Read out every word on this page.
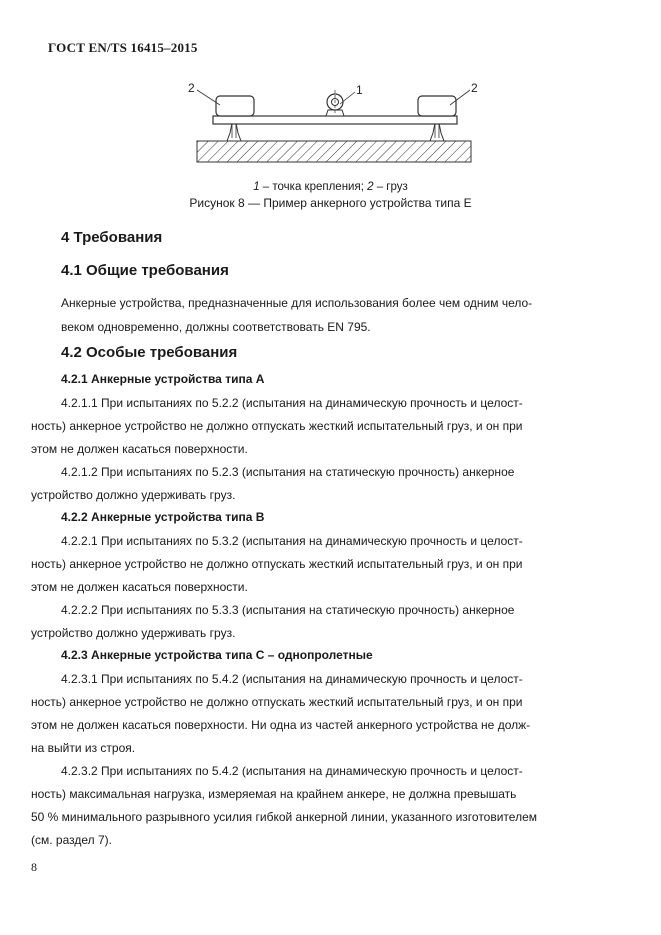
ГОСТ EN/TS 16415–2015
2	1	2
1 – точка крепления; 2 – груз
Рисунок 8 — Пример анкерного устройства типа Е
4 Требования
4.1 Общие требования
Анкерные устройства, предназначенные для использования более чем одним чело-
веком одновременно, должны соответствовать EN 795.
4.2 Особые требования
4.2.1 Анкерные устройства типа А
4.2.1.1 При испытаниях по 5.2.2 (испытания на динамическую прочность и целост-
ность) анкерное устройство не должно отпускать жесткий испытательный груз, и он при
этом не должен касаться поверхности.
4.2.1.2 При испытаниях по 5.2.3 (испытания на статическую прочность) анкерное
устройство должно удерживать груз.
4.2.2 Анкерные устройства типа В
4.2.2.1 При испытаниях по 5.3.2 (испытания на динамическую прочность и целост-
ность) анкерное устройство не должно отпускать жесткий испытательный груз, и он при
этом не должен касаться поверхности.
4.2.2.2 При испытаниях по 5.3.3 (испытания на статическую прочность) анкерное
устройство должно удерживать груз.
4.2.3 Анкерные устройства типа С – однопролетные
4.2.3.1 При испытаниях по 5.4.2 (испытания на динамическую прочность и целост-
ность) анкерное устройство не должно отпускать жесткий испытательный груз, и он при
этом не должен касаться поверхности. Ни одна из частей анкерного устройства не долж-
на выйти из строя.
4.2.3.2 При испытаниях по 5.4.2 (испытания на динамическую прочность и целост-
ность) максимальная нагрузка, измеряемая на крайнем анкере, не должна превышать
50 % минимального разрывного усилия гибкой анкерной линии, указанного изготовителем
(см. раздел 7).
8
